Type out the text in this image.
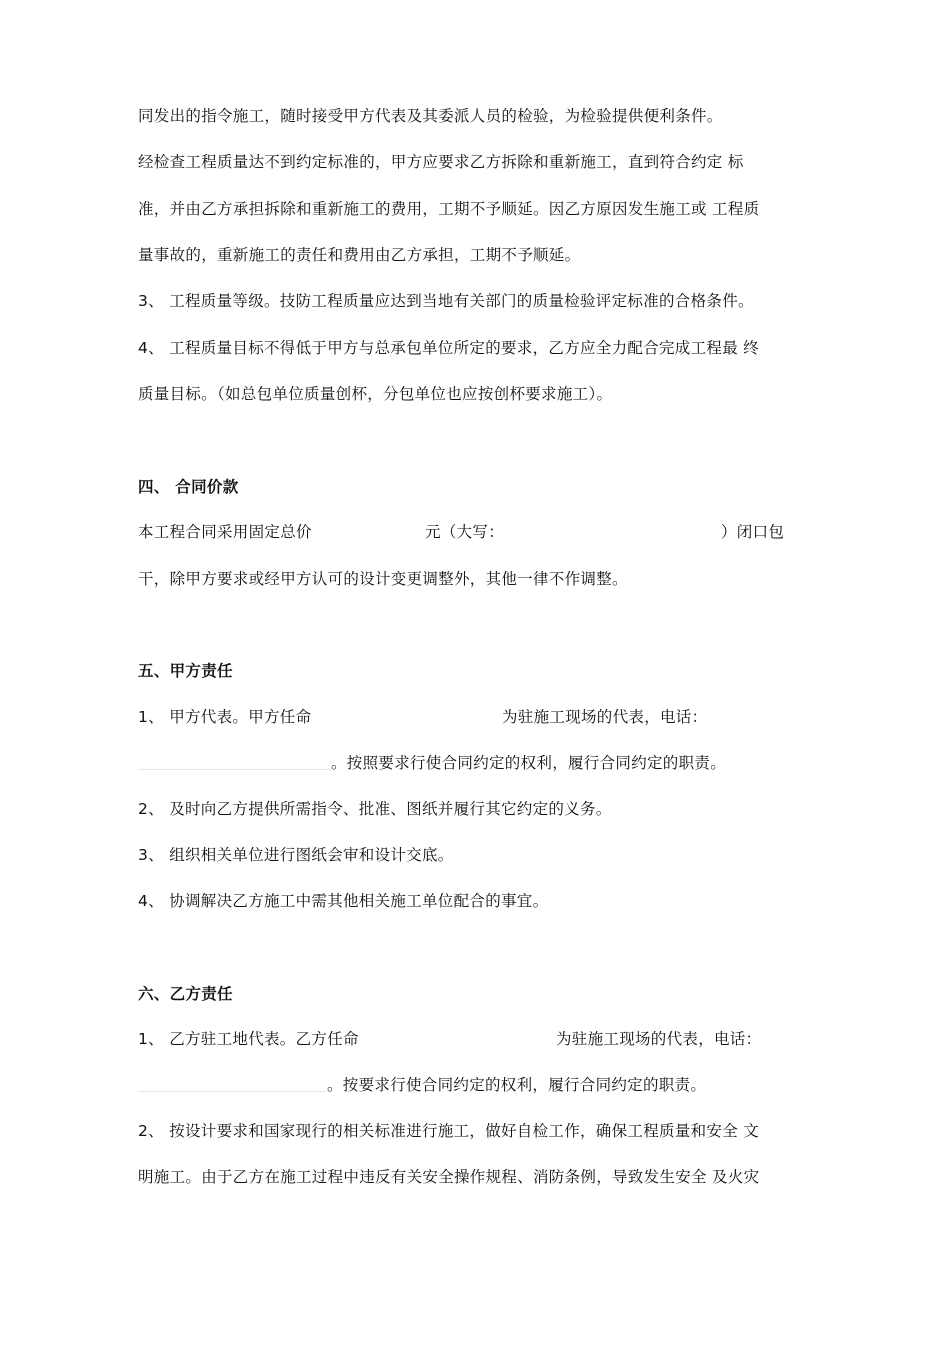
同发出的指令施工，随时接受甲方代表及其委派人员的检验，为检验提供便利条件。
经检查工程质量达不到约定标准的，甲方应要求乙方拆除和重新施工，直到符合约定 标
准，并由乙方承担拆除和重新施工的费用，工期不予顺延。因乙方原因发生施工或 工程质
量事故的，重新施工的责任和费用由乙方承担，工期不予顺延。
3、 工程质量等级。技防工程质量应达到当地有关部门的质量检验评定标准的合格条件。
4、 工程质量目标不得低于甲方与总承包单位所定的要求，乙方应全力配合完成工程最 终
质量目标。（如总包单位质量创杯，分包单位也应按创杯要求施工）。
四、 合同价款
本工程合同采用固定总价	元（大写：	）闭口包
干，除甲方要求或经甲方认可的设计变更调整外，其他一律不作调整。
五、甲方责任
1、 甲方代表。甲方任命	为驻施工现场的代表，电话：
。按照要求行使合同约定的权利，履行合同约定的职责。
2、 及时向乙方提供所需指令、批准、图纸并履行其它约定的义务。
3、 组织相关单位进行图纸会审和设计交底。
4、 协调解决乙方施工中需其他相关施工单位配合的事宜。
六、乙方责任
1、 乙方驻工地代表。乙方任命	为驻施工现场的代表，电话：
。按要求行使合同约定的权利，履行合同约定的职责。
2、 按设计要求和国家现行的相关标准进行施工，做好自检工作，确保工程质量和安全 文
明施工。由于乙方在施工过程中违反有关安全操作规程、消防条例，导致发生安全 及火灾
